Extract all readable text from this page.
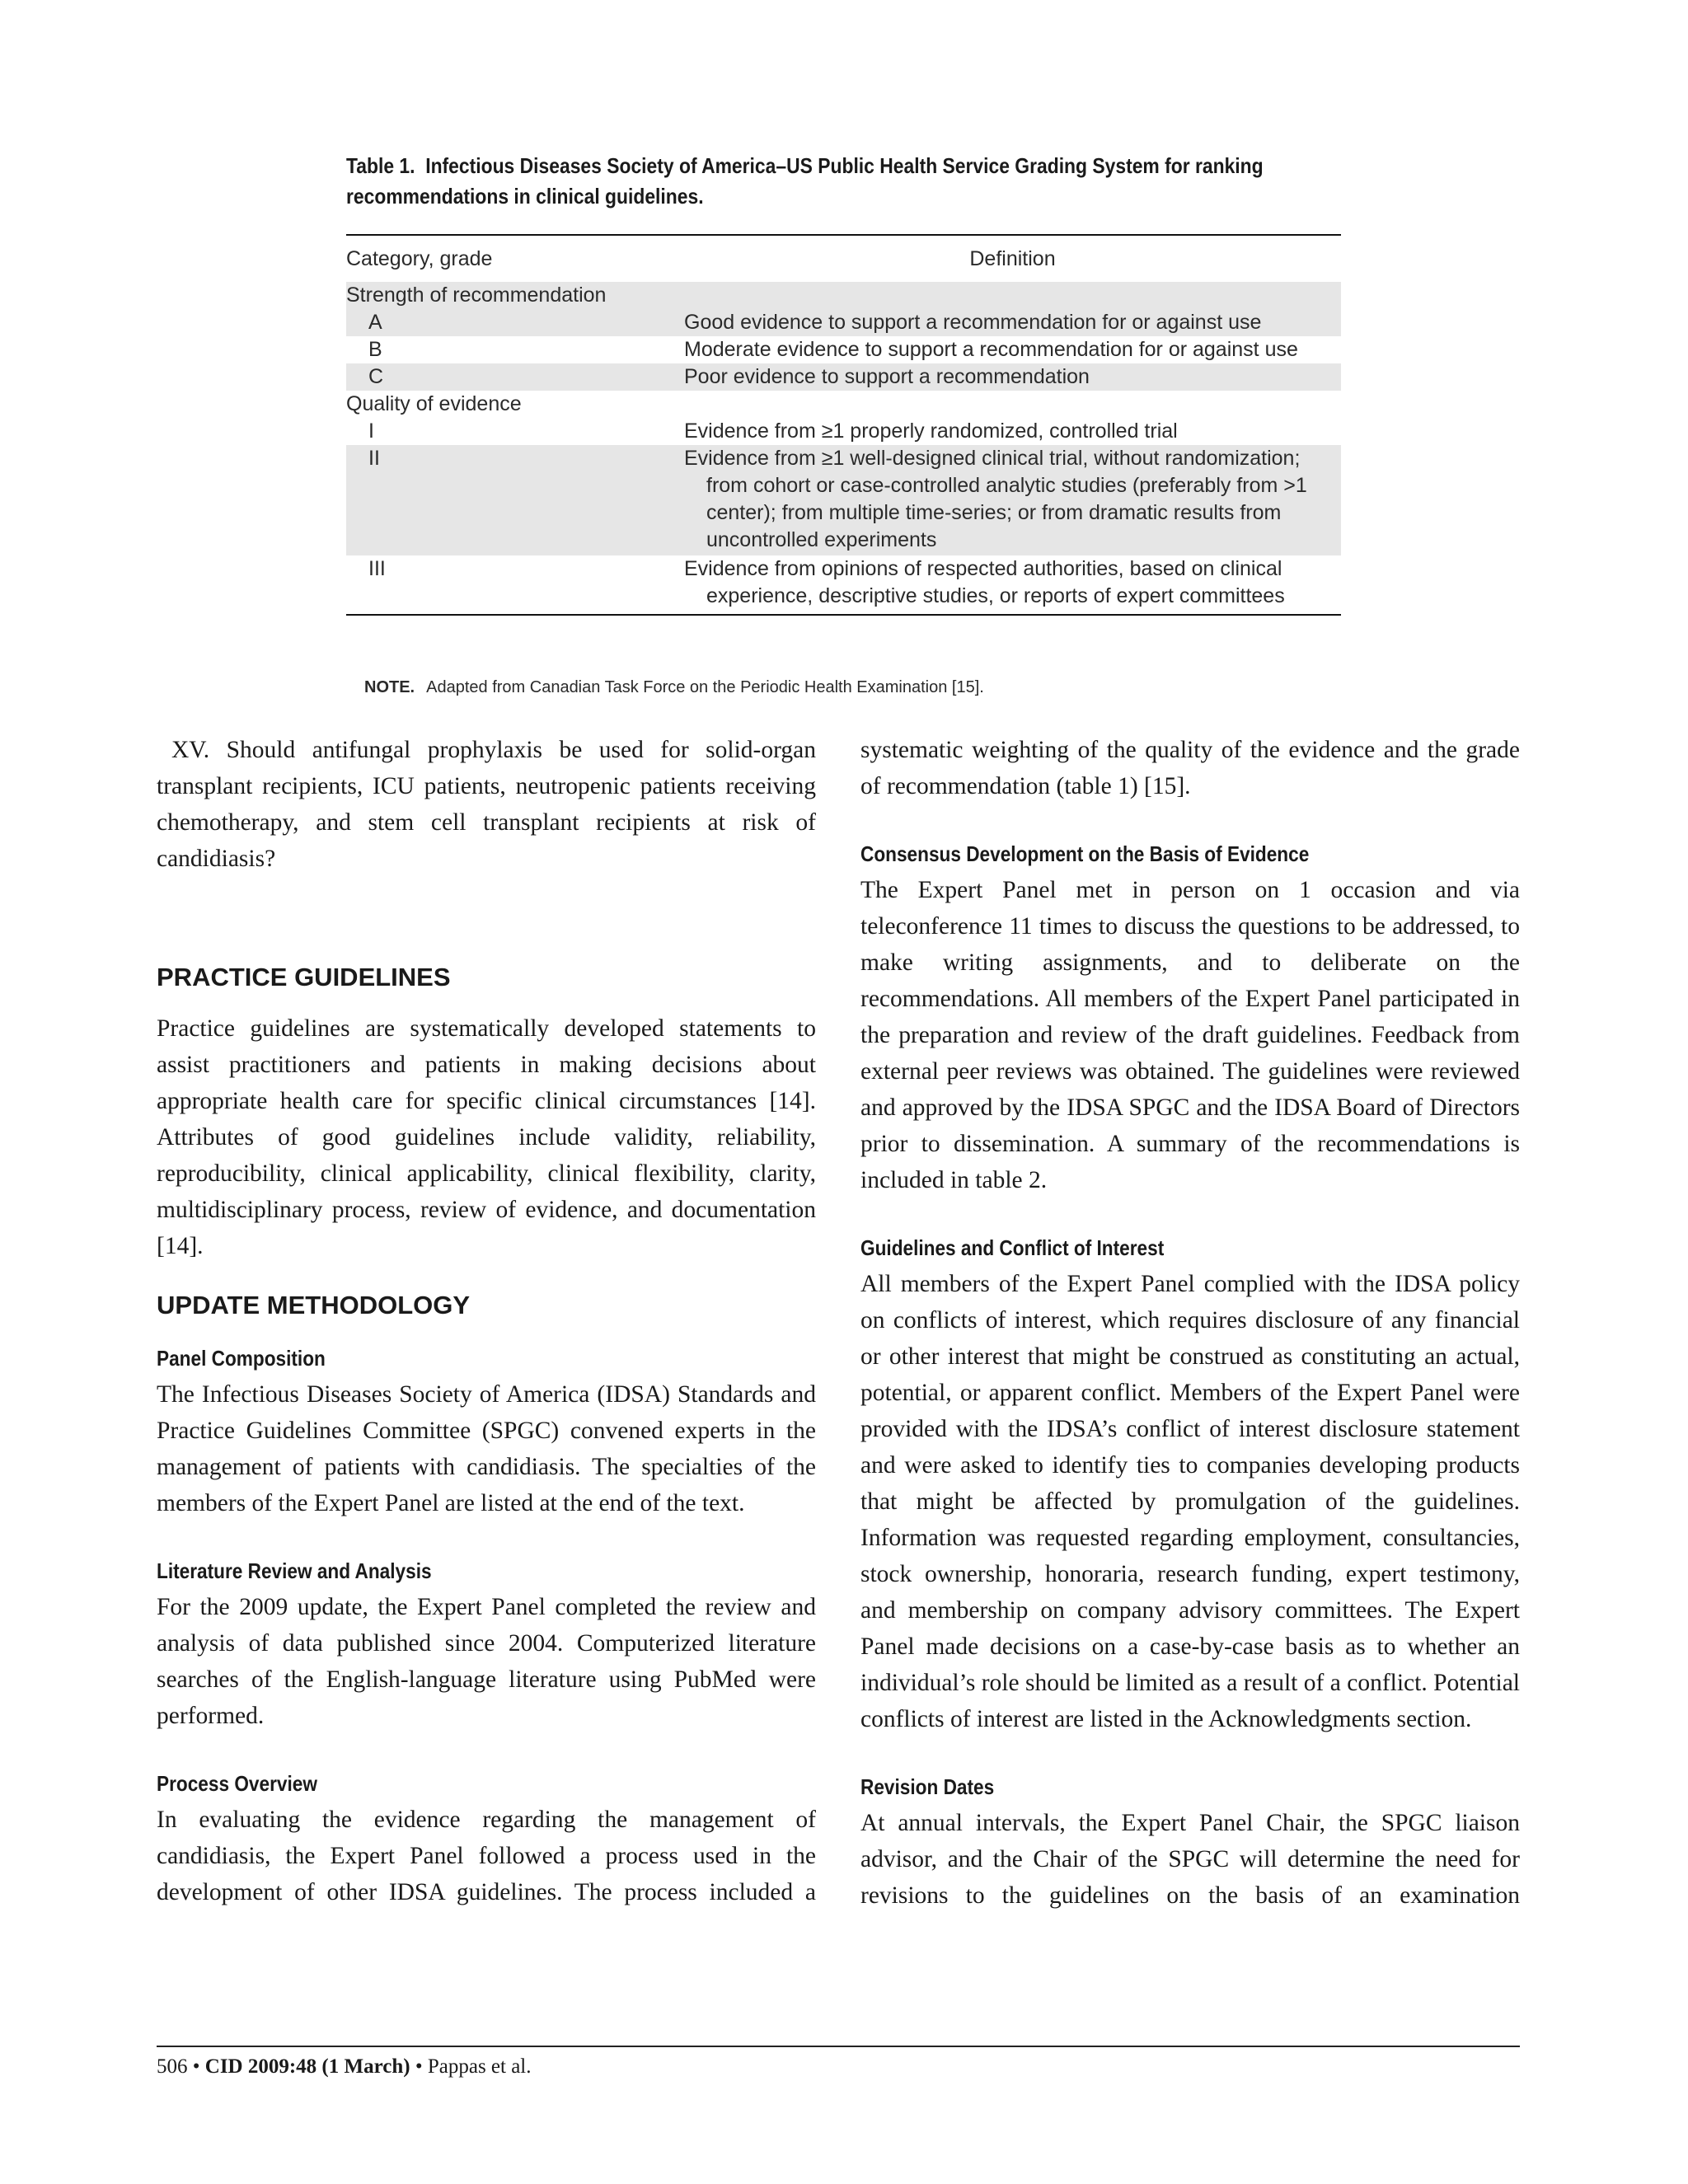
Table 1. Infectious Diseases Society of America–US Public Health Service Grading System for ranking recommendations in clinical guidelines.

Category, grade	Definition
Strength of recommendation	
A	Good evidence to support a recommendation for or against use
B	Moderate evidence to support a recommendation for or against use
C	Poor evidence to support a recommendation
Quality of evidence	
I	Evidence from ≥1 properly randomized, controlled trial
II	Evidence from ≥1 well-designed clinical trial, without randomization; from cohort or case-controlled analytic studies (preferably from >1 center); from multiple time-series; or from dramatic results from uncontrolled experiments

III	Evidence from opinions of respected authorities, based on clinical experience, descriptive studies, or reports of expert committees
NOTE. Adapted from Canadian Task Force on the Periodic Health Examination [15].

XV. Should antifungal prophylaxis be used for solid-organ transplant recipients, ICU patients, neutropenic patients receiving chemotherapy, and stem cell transplant recipients at risk of candidiasis?

PRACTICE GUIDELINES

Practice guidelines are systematically developed statements to assist practitioners and patients in making decisions about appropriate health care for specific clinical circumstances [14]. Attributes of good guidelines include validity, reliability, reproducibility, clinical applicability, clinical flexibility, clarity, multidisciplinary process, review of evidence, and documentation [14].

UPDATE METHODOLOGY

Panel Composition

The Infectious Diseases Society of America (IDSA) Standards and Practice Guidelines Committee (SPGC) convened experts in the management of patients with candidiasis. The specialties of the members of the Expert Panel are listed at the end of the text.

Literature Review and Analysis

For the 2009 update, the Expert Panel completed the review and analysis of data published since 2004. Computerized literature searches of the English-language literature using PubMed were performed.

Process Overview

In evaluating the evidence regarding the management of candidiasis, the Expert Panel followed a process used in the development of other IDSA guidelines. The process included a

systematic weighting of the quality of the evidence and the grade of recommendation (table 1) [15].

Consensus Development on the Basis of Evidence

The Expert Panel met in person on 1 occasion and via teleconference 11 times to discuss the questions to be addressed, to make writing assignments, and to deliberate on the recommendations. All members of the Expert Panel participated in the preparation and review of the draft guidelines. Feedback from external peer reviews was obtained. The guidelines were reviewed and approved by the IDSA SPGC and the IDSA Board of Directors prior to dissemination. A summary of the recommendations is included in table 2.

Guidelines and Conflict of Interest

All members of the Expert Panel complied with the IDSA policy on conflicts of interest, which requires disclosure of any financial or other interest that might be construed as constituting an actual, potential, or apparent conflict. Members of the Expert Panel were provided with the IDSA’s conflict of interest disclosure statement and were asked to identify ties to companies developing products that might be affected by promulgation of the guidelines. Information was requested regarding employment, consultancies, stock ownership, honoraria, research funding, expert testimony, and membership on company advisory committees. The Expert Panel made decisions on a case-by-case basis as to whether an individual’s role should be limited as a result of a conflict. Potential conflicts of interest are listed in the Acknowledgments section.

Revision Dates

At annual intervals, the Expert Panel Chair, the SPGC liaison advisor, and the Chair of the SPGC will determine the need for revisions to the guidelines on the basis of an examination

506 • CID 2009:48 (1 March) • Pappas et al.
